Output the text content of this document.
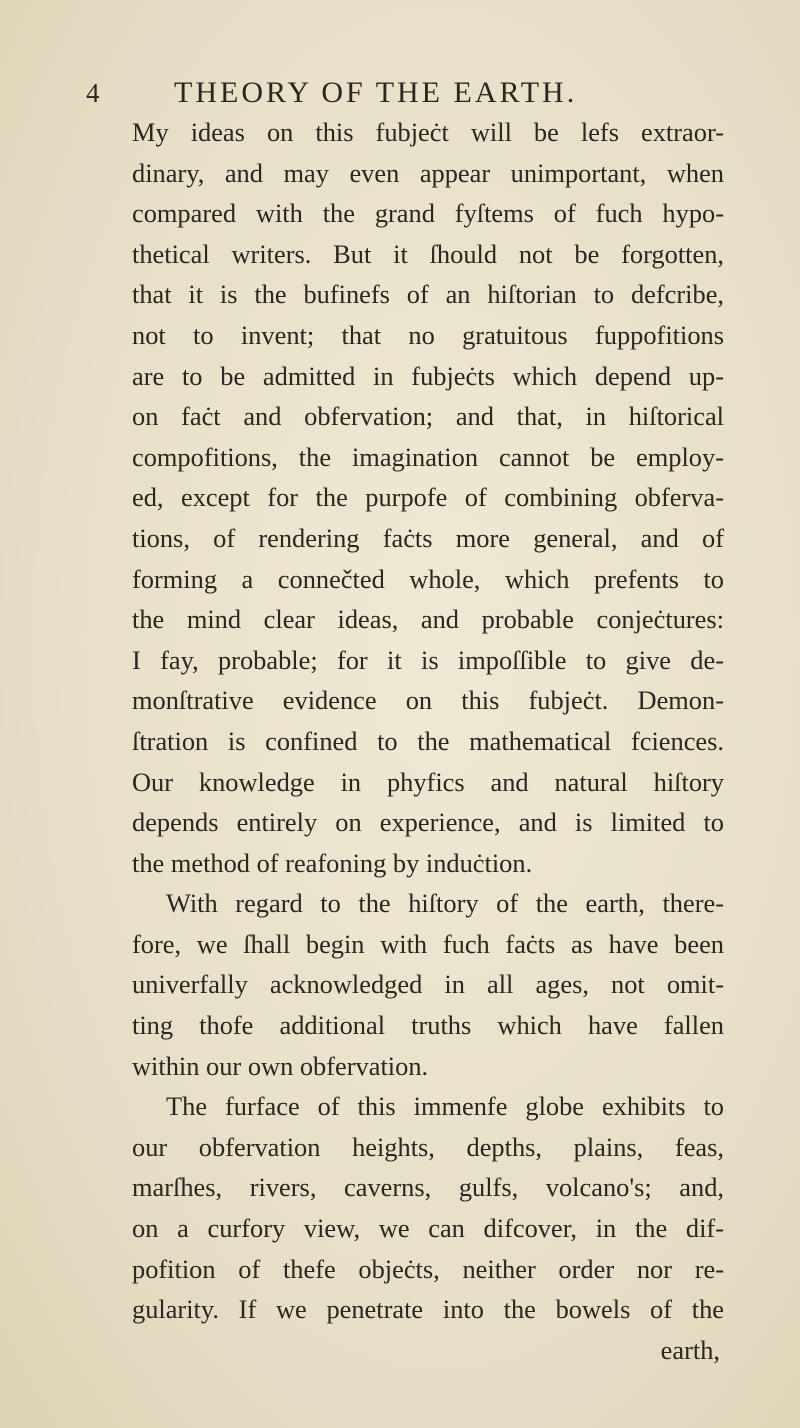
4 THEORY OF THE EARTH.
My ideas on this fubjeċt will be lefs extraor-
dinary, and may even appear unimportant, when
compared with the grand fyſtems of fuch hypo-
thetical writers. But it ſhould not be forgotten,
that it is the bufinefs of an hiſtorian to defcribe,
not to invent; that no gratuitous fuppofitions
are to be admitted in fubjeċts which depend up-
on faċt and obfervation; and that, in hiſtorical
compofitions, the imagination cannot be employ-
ed, except for the purpofe of combining obferva-
tions, of rendering faċts more general, and of
forming a connečted whole, which prefents to
the mind clear ideas, and probable conjeċtures:
I fay, probable; for it is impoſſible to give de-
monſtrative evidence on this fubjeċt. Demon-
ſtration is confined to the mathematical fciences.
Our knowledge in phyfics and natural hiſtory
depends entirely on experience, and is limited to
the method of reafoning by induċtion.
With regard to the hiſtory of the earth, there-
fore, we ſhall begin with fuch faċts as have been
univerfally acknowledged in all ages, not omit-
ting thofe additional truths which have fallen
within our own obfervation.
The furface of this immenfe globe exhibits to
our obfervation heights, depths, plains, feas,
marſhes, rivers, caverns, gulfs, volcano's; and,
on a curfory view, we can difcover, in the dif-
pofition of thefe objeċts, neither order nor re-
gularity. If we penetrate into the bowels of the
earth,
